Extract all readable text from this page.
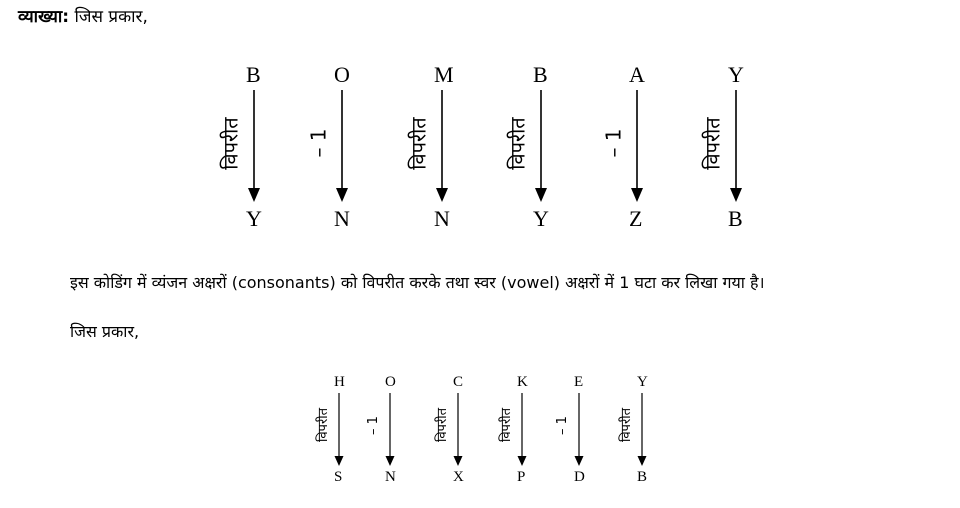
व्याख्या: जिस प्रकार,
B
विपरीत
Y
O
– 1
N
M
विपरीत
N
B
विपरीत
Y
A
– 1
Z
Y
विपरीत
B
इस कोडिंग में व्यंजन अक्षरों (consonants) को विपरीत करके तथा स्वर (vowel) अक्षरों में 1 घटा कर लिखा गया है।
जिस प्रकार,
H
विपरीत
S
O
– 1
N
C
विपरीत
X
K
विपरीत
P
E
– 1
D
Y
विपरीत
B
